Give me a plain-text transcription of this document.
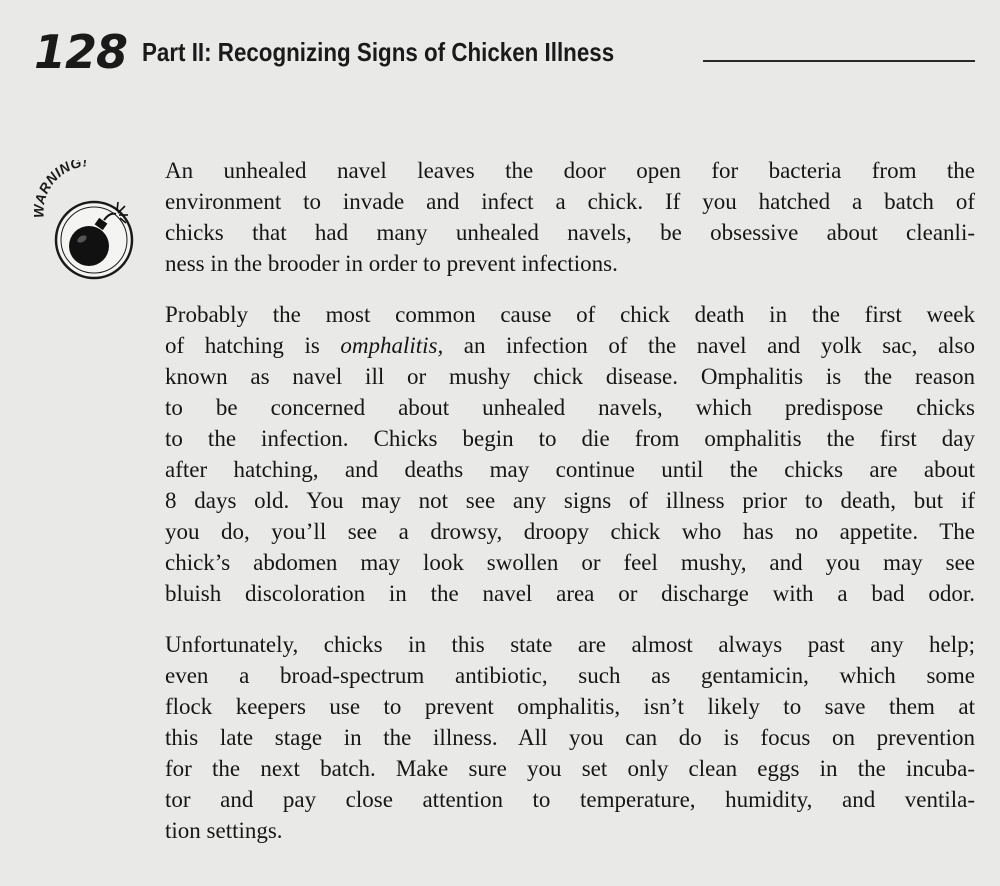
128 Part II: Recognizing Signs of Chicken Illness
RNING!	An unhealed navel leaves the door open for bacteria from the
environment to invade and infect a chick. If you hatched a batch of
chicks that had many unhealed navels, be obsessive about cleanli-
ness in the brooder in order to prevent infections.

Probably the most common cause of chick death in the first week
of hatching is omphalitis, an infection of the navel and yolk sac, also
known as navel ill or mushy chick disease. Omphalitis is the reason
to be concerned about unhealed navels, which predispose chicks
to the infection. Chicks begin to die from omphalitis the first day
after hatching, and deaths may continue until the chicks are about
8 days old. You may not see any signs of illness prior to death, but if
you do, you’ll see a drowsy, droopy chick who has no appetite. The
chick’s abdomen may look swollen or feel mushy, and you may see
bluish discoloration in the navel area or discharge with a bad odor.

Unfortunately, chicks in this state are almost always past any help;
even a broad-spectrum antibiotic, such as gentamicin, which some
flock keepers use to prevent omphalitis, isn’t likely to save them at
this late stage in the illness. All you can do is focus on prevention
for the next batch. Make sure you set only clean eggs in the incuba-
tor and pay close attention to temperature, humidity, and ventila-
tion settings.
